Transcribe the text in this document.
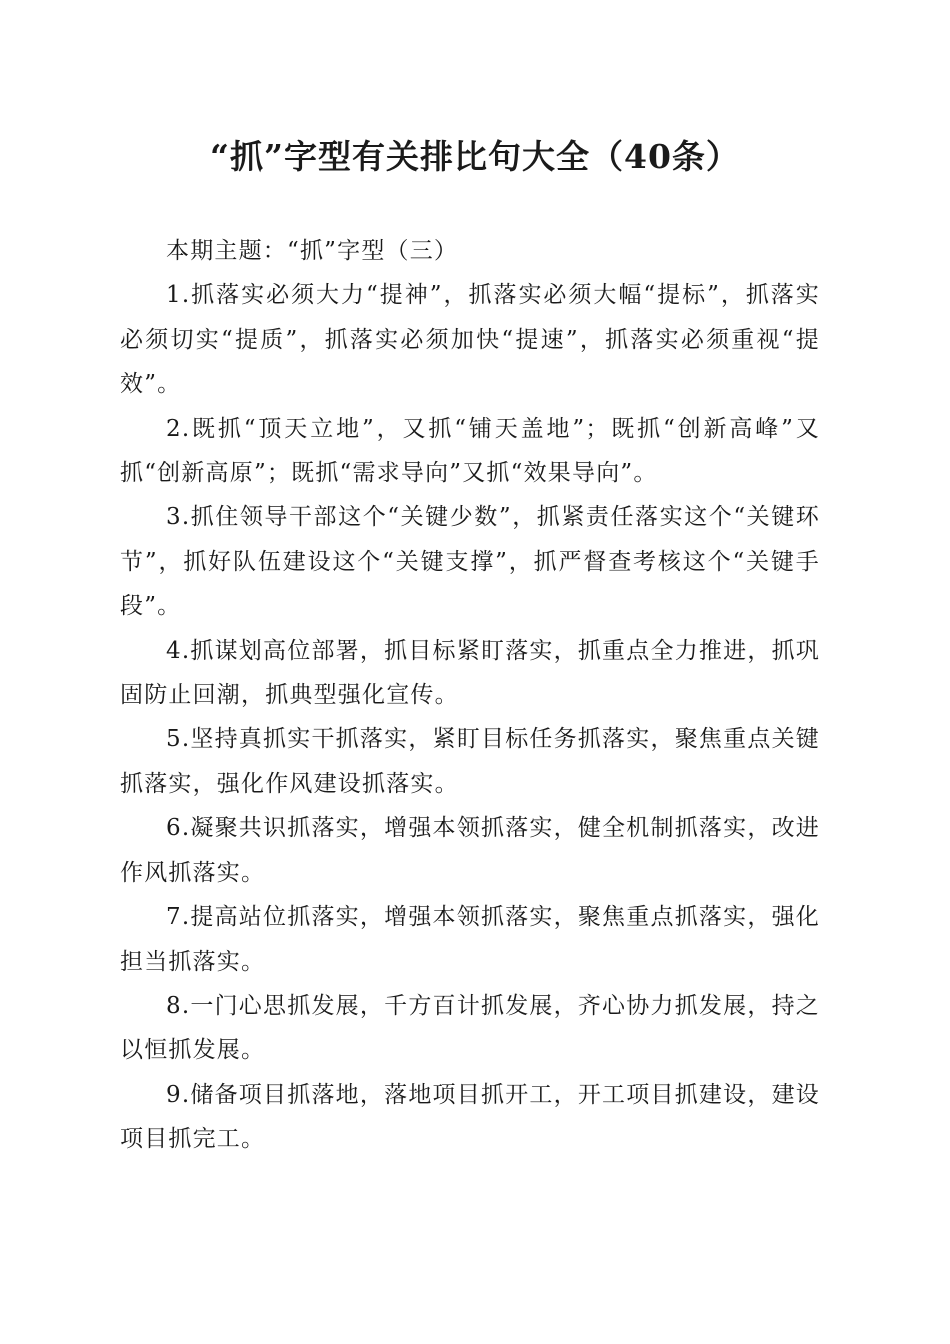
“抓”字型有关排比句大全（40条）

本期主题：“抓”字型（三）

1.抓落实必须大力“提神”，抓落实必须大幅“提标”，抓落实必须切实“提质”，抓落实必须加快“提速”，抓落实必须重视“提效”。

2.既抓“顶天立地”，又抓“铺天盖地”；既抓“创新高峰”又抓“创新高原”；既抓“需求导向”又抓“效果导向”。

3.抓住领导干部这个“关键少数”，抓紧责任落实这个“关键环节”，抓好队伍建设这个“关键支撑”，抓严督查考核这个“关键手段”。

4.抓谋划高位部署，抓目标紧盯落实，抓重点全力推进，抓巩固防止回潮，抓典型强化宣传。

5.坚持真抓实干抓落实，紧盯目标任务抓落实，聚焦重点关键抓落实，强化作风建设抓落实。

6.凝聚共识抓落实，增强本领抓落实，健全机制抓落实，改进作风抓落实。

7.提高站位抓落实，增强本领抓落实，聚焦重点抓落实，强化担当抓落实。

8.一门心思抓发展，千方百计抓发展，齐心协力抓发展，持之以恒抓发展。

9.储备项目抓落地，落地项目抓开工，开工项目抓建设，建设项目抓完工。
